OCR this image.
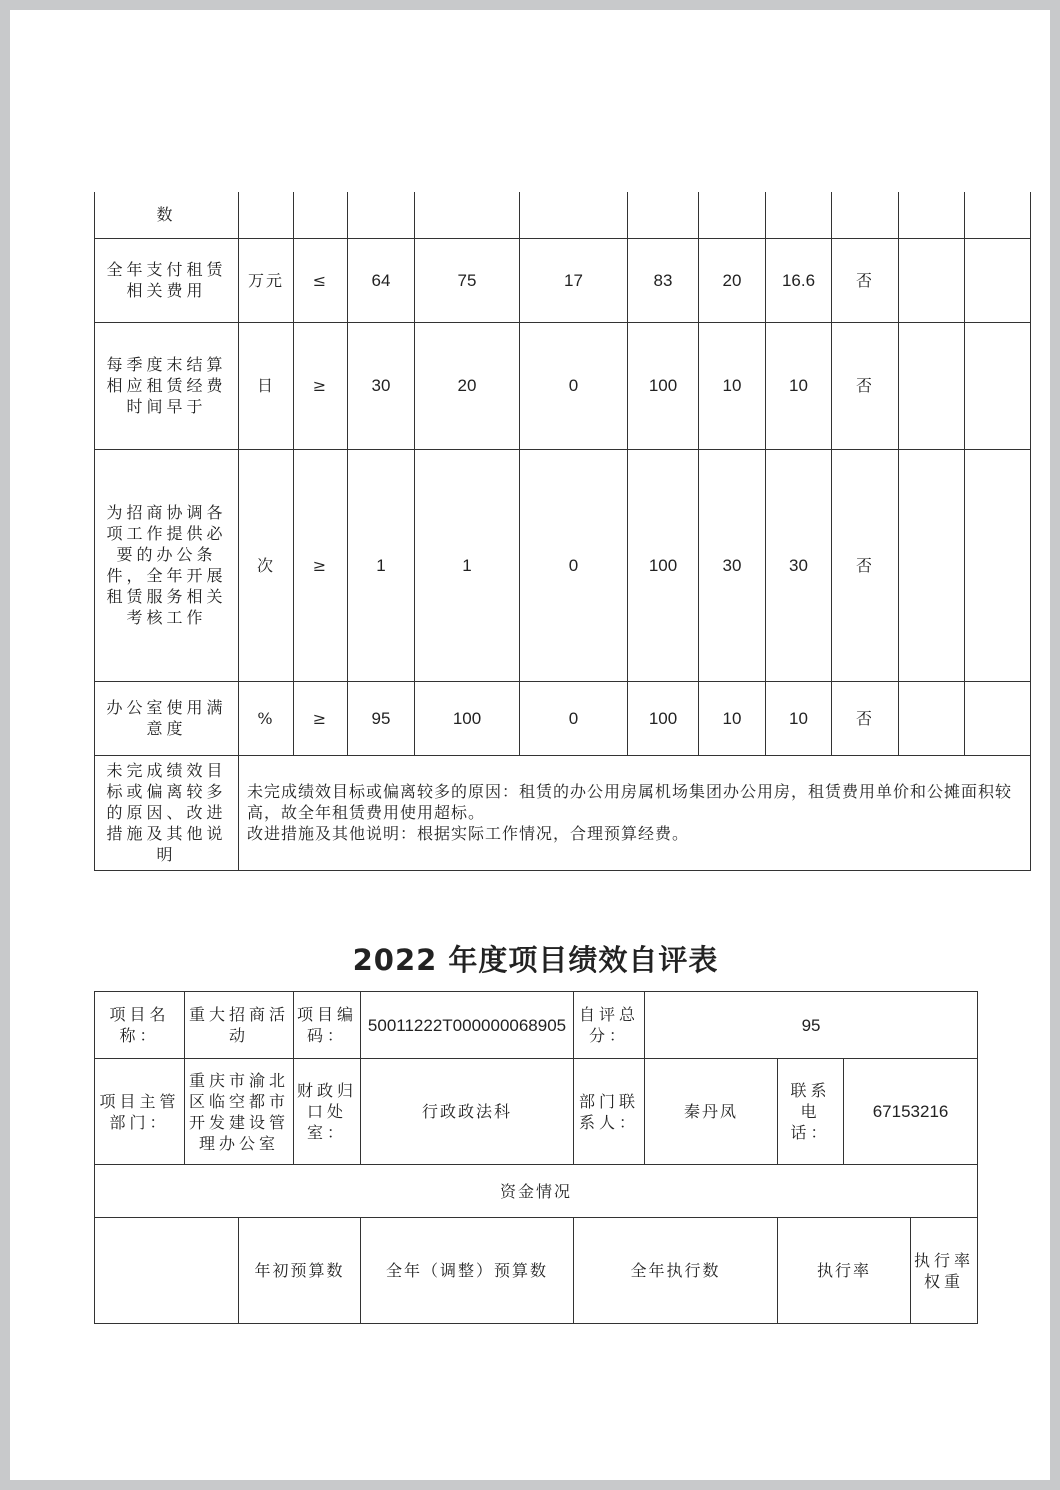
数											
全年支付租赁相关费用	万元	≤	64	75	17	83	20	16.6	否		
每季度末结算相应租赁经费时间早于	日	≥	30	20	0	100	10	10	否		
为招商协调各项工作提供必要的办公条件，全年开展租赁服务相关考核工作	次	≥	1	1	0	100	30	30	否		
办公室使用满意度	%	≥	95	100	0	100	10	10	否		
未完成绩效目标或偏离较多的原因、改进措施及其他说明	未完成绩效目标或偏离较多的原因：租赁的办公用房属机场集团办公用房，租赁费用单价和公摊面积较高，故全年租赁费用使用超标。
改进措施及其他说明：根据实际工作情况，合理预算经费。										
2022 年度项目绩效自评表
项目名称：	重大招商活动		项目编码：	50011222T000000068905	自评总分：	95				
项目主管部门：	重庆市渝北区临空都市开发建设管理办公室		财政归口处室：	行政政法科	部门联系人：	秦丹凤	联系电话：	67153216		
资金情况										
		年初预算数		全年（调整）预算数	全年执行数		执行率		执行率权重	
